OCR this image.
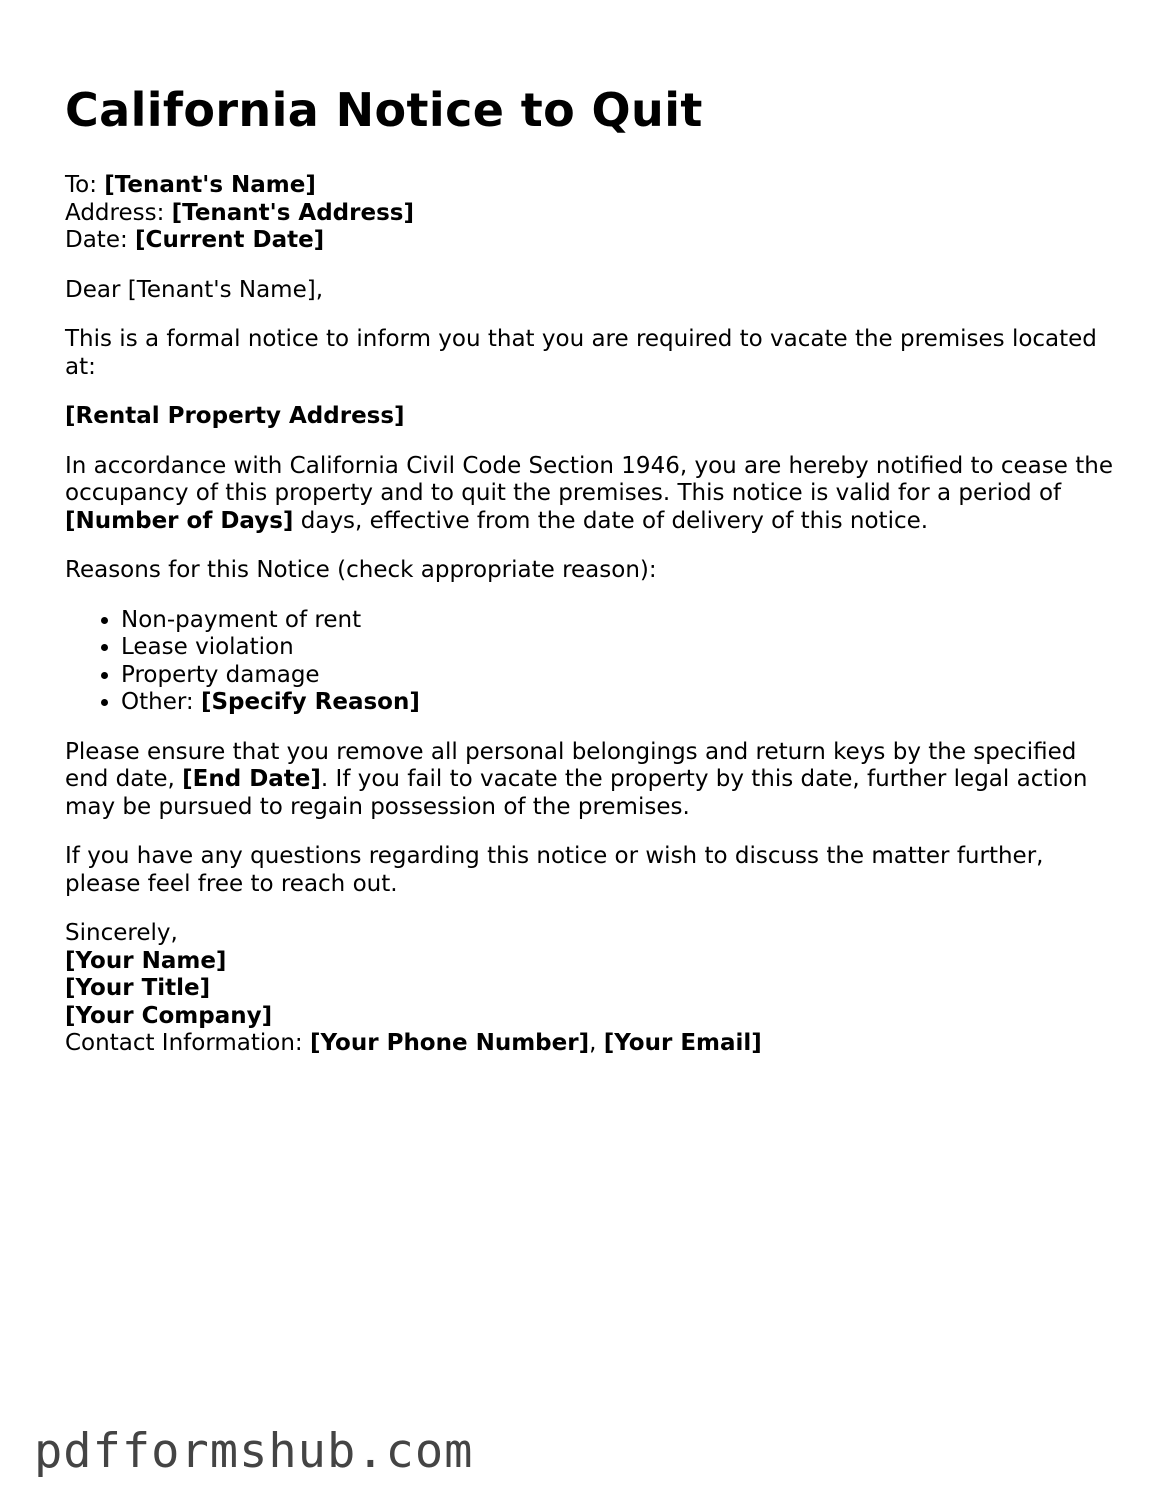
California Notice to Quit

To: [Tenant's Name]
Address: [Tenant's Address]
Date: [Current Date]

Dear [Tenant's Name],

This is a formal notice to inform you that you are required to vacate the premises located at:

[Rental Property Address]

In accordance with California Civil Code Section 1946, you are hereby notified to cease the occupancy of this property and to quit the premises. This notice is valid for a period of [Number of Days] days, effective from the date of delivery of this notice.

Reasons for this Notice (check appropriate reason):

• Non-payment of rent
• Lease violation
• Property damage
• Other: [Specify Reason]

Please ensure that you remove all personal belongings and return keys by the specified end date, [End Date]. If you fail to vacate the property by this date, further legal action may be pursued to regain possession of the premises.

If you have any questions regarding this notice or wish to discuss the matter further, please feel free to reach out.

Sincerely,
[Your Name]
[Your Title]
[Your Company]
Contact Information: [Your Phone Number], [Your Email]

pdfformshub.com
